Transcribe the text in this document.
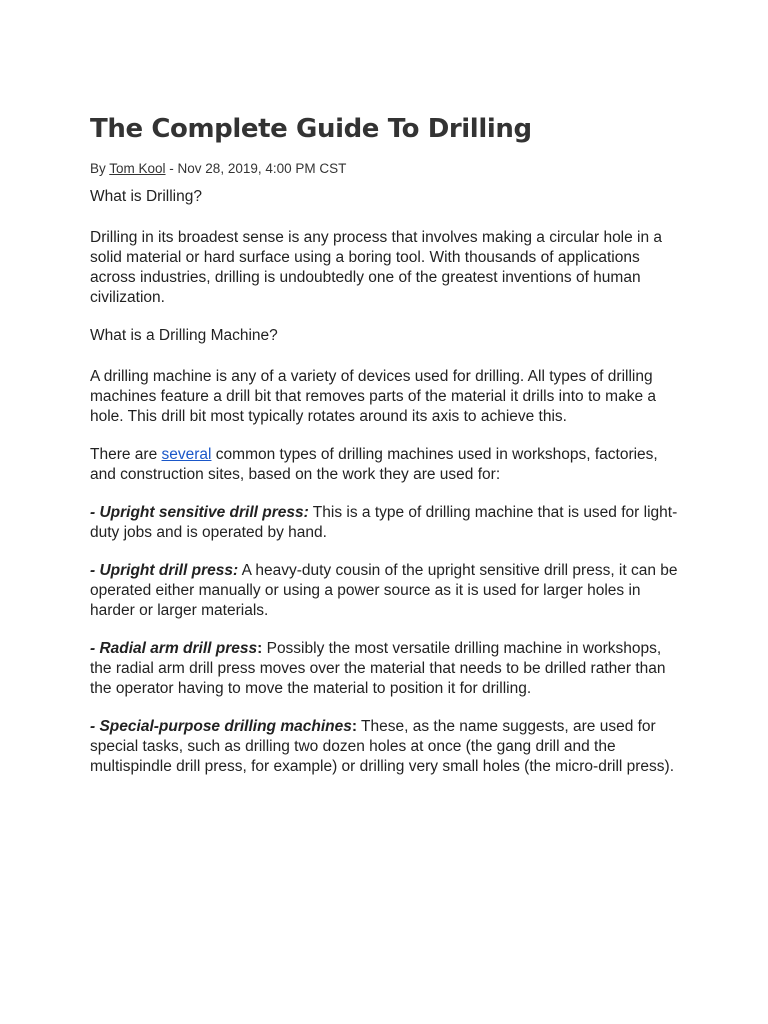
The Complete Guide To Drilling
By Tom Kool - Nov 28, 2019, 4:00 PM CST
What is Drilling?
Drilling in its broadest sense is any process that involves making a circular hole in a solid material or hard surface using a boring tool. With thousands of applications across industries, drilling is undoubtedly one of the greatest inventions of human civilization.
What is a Drilling Machine?
A drilling machine is any of a variety of devices used for drilling. All types of drilling machines feature a drill bit that removes parts of the material it drills into to make a hole. This drill bit most typically rotates around its axis to achieve this.
There are several common types of drilling machines used in workshops, factories, and construction sites, based on the work they are used for:
- Upright sensitive drill press: This is a type of drilling machine that is used for light-duty jobs and is operated by hand.
- Upright drill press: A heavy-duty cousin of the upright sensitive drill press, it can be operated either manually or using a power source as it is used for larger holes in harder or larger materials.
- Radial arm drill press: Possibly the most versatile drilling machine in workshops, the radial arm drill press moves over the material that needs to be drilled rather than the operator having to move the material to position it for drilling.
- Special-purpose drilling machines: These, as the name suggests, are used for special tasks, such as drilling two dozen holes at once (the gang drill and the multispindle drill press, for example) or drilling very small holes (the micro-drill press).
